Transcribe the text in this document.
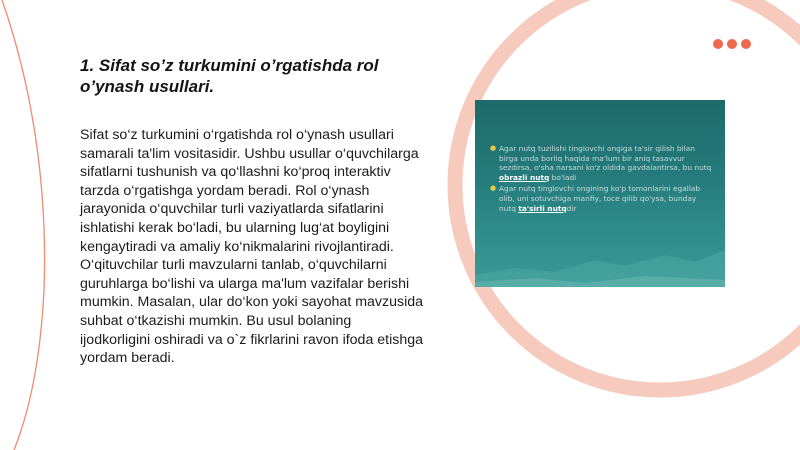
1. Sifat so’z turkumini o’rgatishda rol o’ynash usullari.

Sifat so‘z turkumini o‘rgatishda rol o‘ynash usullari samarali ta'lim vositasidir. Ushbu usullar o‘quvchilarga sifatlarni tushunish va qo‘llashni ko‘proq interaktiv tarzda o‘rgatishga yordam beradi. Rol o‘ynash jarayonida o‘quvchilar turli vaziyatlarda sifatlarini ishlatishi kerak bo‘ladi, bu ularning lug‘at boyligini kengaytiradi va amaliy ko‘nikmalarini rivojlantiradi. O‘qituvchilar turli mavzularni tanlab, o‘quvchilarni guruhlarga bo‘lishi va ularga ma'lum vazifalar berishi mumkin. Masalan, ular do‘kon yoki sayohat mavzusida suhbat o‘tkazishi mumkin. Bu usul bolaning ijodkorligini oshiradi va o`z fikrlarini ravon ifoda etishga yordam beradi.

● Agar nutq tuzilishi tinglovchi ongiga ta'sir qilish bilan birga unda borliq haqida ma'lum bir aniq tasavvur sezdirsa, o'sha narsani ko'z oldida gavdalantirsa, bu nutq obrazli nutq bo'ladi
● Agar nutq tinglovchi ongining ko'p tomonlarini egallab olib, uni sotuvchiga manfiy, toce qilib qo'ysa, bunday nutq ta'sirli nutqdir
